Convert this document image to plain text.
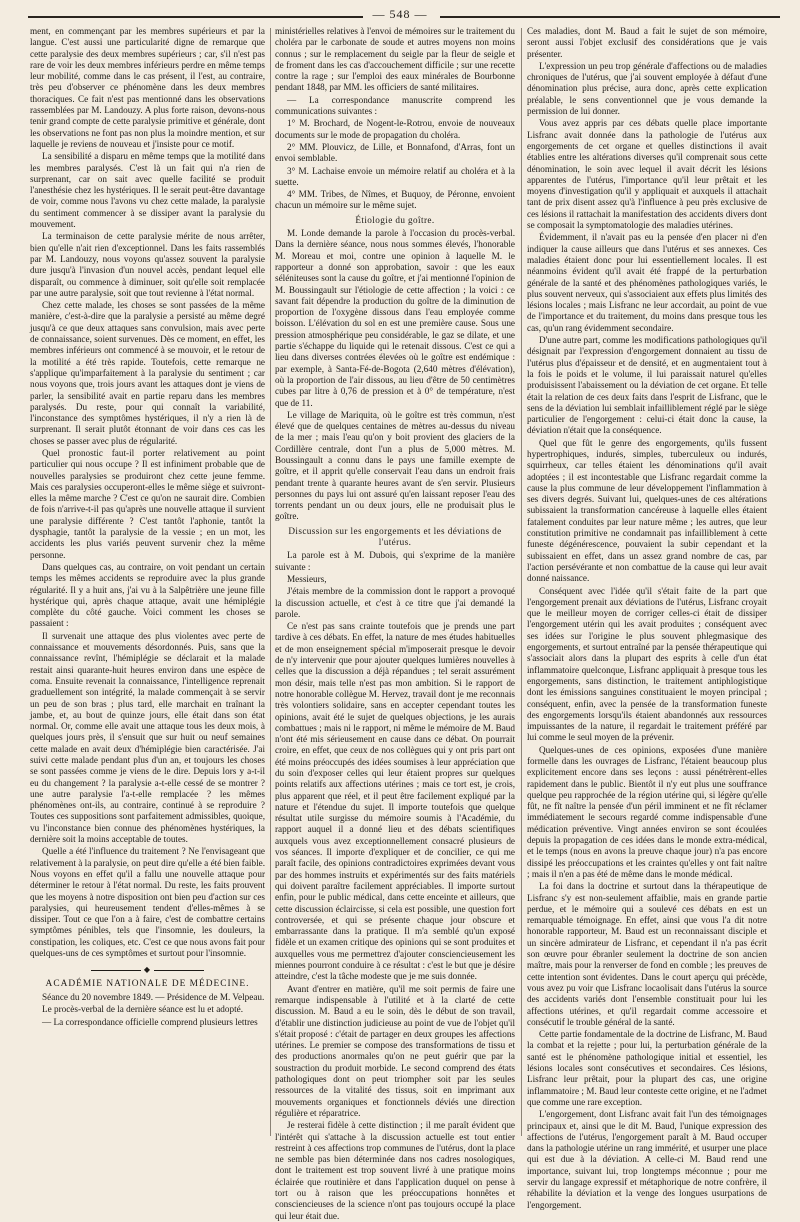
— 548 —

ment, en commençant par les membres supérieurs et par la langue. C'est aussi une particularité digne de remarque que cette paralysie des deux membres supérieurs ; car, s'il n'est pas rare de voir les deux membres inférieurs perdre en même temps leur mobilité, comme dans le cas présent, il l'est, au contraire, très peu d'observer ce phénomène dans les deux membres thoraciques. Ce fait n'est pas mentionné dans les observations rassemblées par M. Landouzy. A plus forte raison, devons-nous tenir grand compte de cette paralysie primitive et générale, dont les observations ne font pas non plus la moindre mention, et sur laquelle je reviens de nouveau et j'insiste pour ce motif.

La sensibilité a disparu en même temps que la motilité dans les membres paralysés. C'est là un fait qui n'a rien de surprenant, car on sait avec quelle facilité se produit l'anesthésie chez les hystériques. Il le serait peut-être davantage de voir, comme nous l'avons vu chez cette malade, la paralysie du sentiment commencer à se dissiper avant la paralysie du mouvement.

La terminaison de cette paralysie mérite de nous arrêter, bien qu'elle n'ait rien d'exceptionnel. Dans les faits rassemblés par M. Landouzy, nous voyons qu'assez souvent la paralysie dure jusqu'à l'invasion d'un nouvel accès, pendant lequel elle disparaît, ou commence à diminuer, soit qu'elle soit remplacée par une autre paralysie, soit que tout revienne à l'état normal.

Chez cette malade, les choses se sont passées de la même manière, c'est-à-dire que la paralysie a persisté au même degré jusqu'à ce que deux attaques sans convulsion, mais avec perte de connaissance, soient survenues. Dès ce moment, en effet, les membres inférieurs ont commencé à se mouvoir, et le retour de la motilité a été très rapide. Toutefois, cette remarque ne s'applique qu'imparfaitement à la paralysie du sentiment ; car nous voyons que, trois jours avant les attaques dont je viens de parler, la sensibilité avait en partie reparu dans les membres paralysés. Du reste, pour qui connaît la variabilité, l'inconstance des symptômes hystériques, il n'y a rien là de surprenant. Il serait plutôt étonnant de voir dans ces cas les choses se passer avec plus de régularité.

Quel pronostic faut-il porter relativement au point particulier qui nous occupe ? Il est infiniment probable que de nouvelles paralysies se produiront chez cette jeune femme. Mais ces paralysies occuperont-elles le même siège et suivront-elles la même marche ? C'est ce qu'on ne saurait dire. Combien de fois n'arrive-t-il pas qu'après une nouvelle attaque il survient une paralysie différente ? C'est tantôt l'aphonie, tantôt la dysphagie, tantôt la paralysie de la vessie ; en un mot, les accidents les plus variés peuvent survenir chez la même personne.

Dans quelques cas, au contraire, on voit pendant un certain temps les mêmes accidents se reproduire avec la plus grande régularité. Il y a huit ans, j'ai vu à la Salpêtrière une jeune fille hystérique qui, après chaque attaque, avait une hémiplégie complète du côté gauche. Voici comment les choses se passaient :

Il survenait une attaque des plus violentes avec perte de connaissance et mouvements désordonnés. Puis, sans que la connaissance revînt, l'hémiplégie se déclarait et la malade restait ainsi quarante-huit heures environ dans une espèce de coma. Ensuite revenait la connaissance, l'intelligence reprenait graduellement son intégrité, la malade commençait à se servir un peu de son bras ; plus tard, elle marchait en traînant la jambe, et, au bout de quinze jours, elle était dans son état normal. Or, comme elle avait une attaque tous les deux mois, à quelques jours près, il s'ensuit que sur huit ou neuf semaines cette malade en avait deux d'hémiplégie bien caractérisée. J'ai suivi cette malade pendant plus d'un an, et toujours les choses se sont passées comme je viens de le dire. Depuis lors y a-t-il eu du changement ? la paralysie a-t-elle cessé de se montrer ? une autre paralysie l'a-t-elle remplacée ? les mêmes phénomènes ont-ils, au contraire, continué à se reproduire ? Toutes ces suppositions sont parfaitement admissibles, quoique, vu l'inconstance bien connue des phénomènes hystériques, la dernière soit la moins acceptable de toutes.

Quelle a été l'influence du traitement ? Ne l'envisageant que relativement à la paralysie, on peut dire qu'elle a été bien faible. Nous voyons en effet qu'il a fallu une nouvelle attaque pour déterminer le retour à l'état normal. Du reste, les faits prouvent que les moyens à notre disposition ont bien peu d'action sur ces paralysies, qui heureusement tendent d'elles-mêmes à se dissiper. Tout ce que l'on a à faire, c'est de combattre certains symptômes pénibles, tels que l'insomnie, les douleurs, la constipation, les coliques, etc. C'est ce que nous avons fait pour quelques-uns de ces symptômes et surtout pour l'insomnie.

◆
ACADÉMIE NATIONALE DE MÉDECINE.

Séance du 20 novembre 1849. — Présidence de M. Velpeau.

Le procès-verbal de la dernière séance est lu et adopté.

— La correspondance officielle comprend plusieurs lettres

ministérielles relatives à l'envoi de mémoires sur le traitement du choléra par le carbonate de soude et autres moyens non moins connus ; sur le remplacement du seigle par la fleur de seigle et de froment dans les cas d'accouchement difficile ; sur une recette contre la rage ; sur l'emploi des eaux minérales de Bourbonne pendant 1848, par MM. les officiers de santé militaires.

— La correspondance manuscrite comprend les communications suivantes :

1° M. Brochard, de Nogent-le-Rotrou, envoie de nouveaux documents sur le mode de propagation du choléra.

2° MM. Plouvicz, de Lille, et Bonnafond, d'Arras, font un envoi semblable.

3° M. Lachaise envoie un mémoire relatif au choléra et à la suette.

4° MM. Tribes, de Nîmes, et Buquoy, de Péronne, envoient chacun un mémoire sur le même sujet.

Étiologie du goître.

M. Londe demande la parole à l'occasion du procès-verbal. Dans la dernière séance, nous nous sommes élevés, l'honorable M. Moreau et moi, contre une opinion à laquelle M. le rapporteur a donné son approbation, savoir : que les eaux séléniteuses sont la cause du goître, et j'ai mentionné l'opinion de M. Boussingault sur l'étiologie de cette affection ; la voici : ce savant fait dépendre la production du goître de la diminution de proportion de l'oxygène dissous dans l'eau employée comme boisson. L'élévation du sol en est une première cause. Sous une pression atmosphérique peu considérable, le gaz se dilate, et une partie s'échappe du liquide qui le retenait dissous. C'est ce qui a lieu dans diverses contrées élevées où le goître est endémique : par exemple, à Santa-Fé-de-Bogota (2,640 mètres d'élévation), où la proportion de l'air dissous, au lieu d'être de 50 centimètres cubes par litre à 0,76 de pression et à 0° de température, n'est que de 11.

Le village de Mariquita, où le goître est très commun, n'est élevé que de quelques centaines de mètres au-dessus du niveau de la mer ; mais l'eau qu'on y boit provient des glaciers de la Cordillère centrale, dont l'un a plus de 5,000 mètres. M. Boussingault a connu dans le pays une famille exempte de goître, et il apprit qu'elle conservait l'eau dans un endroit frais pendant trente à quarante heures avant de s'en servir. Plusieurs personnes du pays lui ont assuré qu'en laissant reposer l'eau des torrents pendant un ou deux jours, elle ne produisait plus le goître.

Discussion sur les engorgements et les déviations de l'utérus.

La parole est à M. Dubois, qui s'exprime de la manière suivante :

Messieurs,

J'étais membre de la commission dont le rapport a provoqué la discussion actuelle, et c'est à ce titre que j'ai demandé la parole.

Ce n'est pas sans crainte toutefois que je prends une part tardive à ces débats. En effet, la nature de mes études habituelles et de mon enseignement spécial m'imposerait presque le devoir de n'y intervenir que pour ajouter quelques lumières nouvelles à celles que la discussion a déjà répandues ; tel serait assurément mon désir, mais telle n'est pas mon ambition. Si le rapport de notre honorable collègue M. Hervez, travail dont je me reconnais très volontiers solidaire, sans en accepter cependant toutes les opinions, avait été le sujet de quelques objections, je les aurais combattues ; mais ni le rapport, ni même le mémoire de M. Baud n'ont été mis sérieusement en cause dans ce débat. On pourrait croire, en effet, que ceux de nos collègues qui y ont pris part ont été moins préoccupés des idées soumises à leur appréciation que du soin d'exposer celles qui leur étaient propres sur quelques points relatifs aux affections utérines ; mais ce tort est, je crois, plus apparent que réel, et il peut être facilement expliqué par la nature et l'étendue du sujet. Il importe toutefois que quelque résultat utile surgisse du mémoire soumis à l'Académie, du rapport auquel il a donné lieu et des débats scientifiques auxquels vous avez exceptionnellement consacré plusieurs de vos séances. Il importe d'expliquer et de concilier, ce qui me paraît facile, des opinions contradictoires exprimées devant vous par des hommes instruits et expérimentés sur des faits matériels qui doivent paraître facilement appréciables. Il importe surtout enfin, pour le public médical, dans cette enceinte et ailleurs, que cette discussion éclaircisse, si cela est possible, une question fort controversée, et qui se présente chaque jour obscure et embarrassante dans la pratique. Il m'a semblé qu'un exposé fidèle et un examen critique des opinions qui se sont produites et auxquelles vous me permettrez d'ajouter consciencieusement les miennes pourront conduire à ce résultat : c'est le but que je désire atteindre, c'est la tâche modeste que je me suis donnée.

Avant d'entrer en matière, qu'il me soit permis de faire une remarque indispensable à l'utilité et à la clarté de cette discussion. M. Baud a eu le soin, dès le début de son travail, d'établir une distinction judicieuse au point de vue de l'objet qu'il s'était proposé : c'était de partager en deux groupes les affections utérines. Le premier se compose des transformations de tissu et des productions anormales qu'on ne peut guérir que par la soustraction du produit morbide. Le second comprend des états pathologiques dont on peut triompher soit par les seules ressources de la vitalité des tissus, soit en imprimant aux mouvements organiques et fonctionnels déviés une direction régulière et réparatrice.

Je resterai fidèle à cette distinction ; il me paraît évident que l'intérêt qui s'attache à la discussion actuelle est tout entier restreint à ces affections trop communes de l'utérus, dont la place ne semble pas bien déterminée dans nos cadres nosologiques, dont le traitement est trop souvent livré à une pratique moins éclairée que routinière et dans l'application duquel on pense à tort ou à raison que les préoccupations honnêtes et consciencieuses de la science n'ont pas toujours occupé la place qui leur était due.

Ces maladies, dont M. Baud a fait le sujet de son mémoire, seront aussi l'objet exclusif des considérations que je vais présenter.

L'expression un peu trop générale d'affections ou de maladies chroniques de l'utérus, que j'ai souvent employée à défaut d'une dénomination plus précise, aura donc, après cette explication préalable, le sens conventionnel que je vous demande la permission de lui donner.

Vous avez appris par ces débats quelle place importante Lisfranc avait donnée dans la pathologie de l'utérus aux engorgements de cet organe et quelles distinctions il avait établies entre les altérations diverses qu'il comprenait sous cette dénomination, le soin avec lequel il avait décrit les lésions apparentes de l'utérus, l'importance qu'il leur prêtait et les moyens d'investigation qu'il y appliquait et auxquels il attachait tant de prix disent assez qu'à l'influence à peu près exclusive de ces lésions il rattachait la manifestation des accidents divers dont se composait la symptomatologie des maladies utérines.

Évidemment, il n'avait pas eu la pensée d'en placer ni d'en indiquer la cause ailleurs que dans l'utérus et ses annexes. Ces maladies étaient donc pour lui essentiellement locales. Il est néanmoins évident qu'il avait été frappé de la perturbation générale de la santé et des phénomènes pathologiques variés, le plus souvent nerveux, qui s'associaient aux effets plus limités des lésions locales ; mais Lisfranc ne leur accordait, au point de vue de l'importance et du traitement, du moins dans presque tous les cas, qu'un rang évidemment secondaire.

D'une autre part, comme les modifications pathologiques qu'il désignait par l'expression d'engorgement donnaient au tissu de l'utérus plus d'épaisseur et de densité, et en augmentaient tout à la fois le poids et le volume, il lui paraissait naturel qu'elles produisissent l'abaissement ou la déviation de cet organe. Et telle était la relation de ces deux faits dans l'esprit de Lisfranc, que le sens de la déviation lui semblait infailliblement réglé par le siège particulier de l'engorgement : celui-ci était donc la cause, la déviation n'était que la conséquence.

Quel que fût le genre des engorgements, qu'ils fussent hypertrophiques, indurés, simples, tuberculeux ou indurés, squirrheux, car telles étaient les dénominations qu'il avait adoptées ; il est incontestable que Lisfranc regardait comme la cause la plus commune de leur développement l'inflammation à ses divers degrés. Suivant lui, quelques-unes de ces altérations subissaient la transformation cancéreuse à laquelle elles étaient fatalement conduites par leur nature même ; les autres, que leur constitution primitive ne condamnait pas infailliblement à cette funeste dégénérescence, pouvaient la subir cependant et la subissaient en effet, dans un assez grand nombre de cas, par l'action persévérante et non combattue de la cause qui leur avait donné naissance.

Conséquent avec l'idée qu'il s'était faite de la part que l'engorgement prenait aux déviations de l'utérus, Lisfranc croyait que le meilleur moyen de corriger celles-ci était de dissiper l'engorgement utérin qui les avait produites ; conséquent avec ses idées sur l'origine le plus souvent phlegmasique des engorgements, et surtout entraîné par la pensée thérapeutique qui s'associait alors dans la plupart des esprits à celle d'un état inflammatoire quelconque, Lisfranc appliquait à presque tous les engorgements, sans distinction, le traitement antiphlogistique dont les émissions sanguines constituaient le moyen principal ; conséquent, enfin, avec la pensée de la transformation funeste des engorgements lorsqu'ils étaient abandonnés aux ressources impuissantes de la nature, il regardait le traitement préféré par lui comme le seul moyen de la prévenir.

Quelques-unes de ces opinions, exposées d'une manière formelle dans les ouvrages de Lisfranc, l'étaient beaucoup plus explicitement encore dans ses leçons : aussi pénétrèrent-elles rapidement dans le public. Bientôt il n'y eut plus une souffrance quelque peu rapprochée de la région utérine qui, si légère qu'elle fût, ne fît naître la pensée d'un péril imminent et ne fît réclamer immédiatement le secours regardé comme indispensable d'une médication préventive. Vingt années environ se sont écoulées depuis la propagation de ces idées dans le monde extra-médical, et le temps (nous en avons la preuve chaque jour) n'a pas encore dissipé les préoccupations et les craintes qu'elles y ont fait naître ; mais il n'en a pas été de même dans le monde médical.

La foi dans la doctrine et surtout dans la thérapeutique de Lisfranc s'y est non-seulement affaiblie, mais en grande partie perdue, et le mémoire qui a soulevé ces débats en est un remarquable témoignage. En effet, ainsi que vous l'a dit notre honorable rapporteur, M. Baud est un reconnaissant disciple et un sincère admirateur de Lisfranc, et cependant il n'a pas écrit son œuvre pour ébranler seulement la doctrine de son ancien maître, mais pour la renverser de fond en comble ; les preuves de cette intention sont évidentes. Dans le court aperçu qui précède, vous avez pu voir que Lisfranc locaolisait dans l'utérus la source des accidents variés dont l'ensemble constituait pour lui les affections utérines, et qu'il regardait comme accessoire et consécutif le trouble général de la santé.

Cette partie fondamentale de la doctrine de Lisfranc, M. Baud la combat et la rejette ; pour lui, la perturbation générale de la santé est le phénomène pathologique initial et essentiel, les lésions locales sont consécutives et secondaires. Ces lésions, Lisfranc leur prêtait, pour la plupart des cas, une origine inflammatoire ; M. Baud leur conteste cette origine, et ne l'admet que comme une rare exception.

L'engorgement, dont Lisfranc avait fait l'un des témoignages principaux et, ainsi que le dit M. Baud, l'unique expression des affections de l'utérus, l'engorgement paraît à M. Baud occuper dans la pathologie utérine un rang immérité, et usurper une place qui est due à la déviation. A celle-ci M. Baud rend une importance, suivant lui, trop longtemps méconnue ; pour me servir du langage expressif et métaphorique de notre confrère, il réhabilite la déviation et la venge des longues usurpations de l'engorgement.
